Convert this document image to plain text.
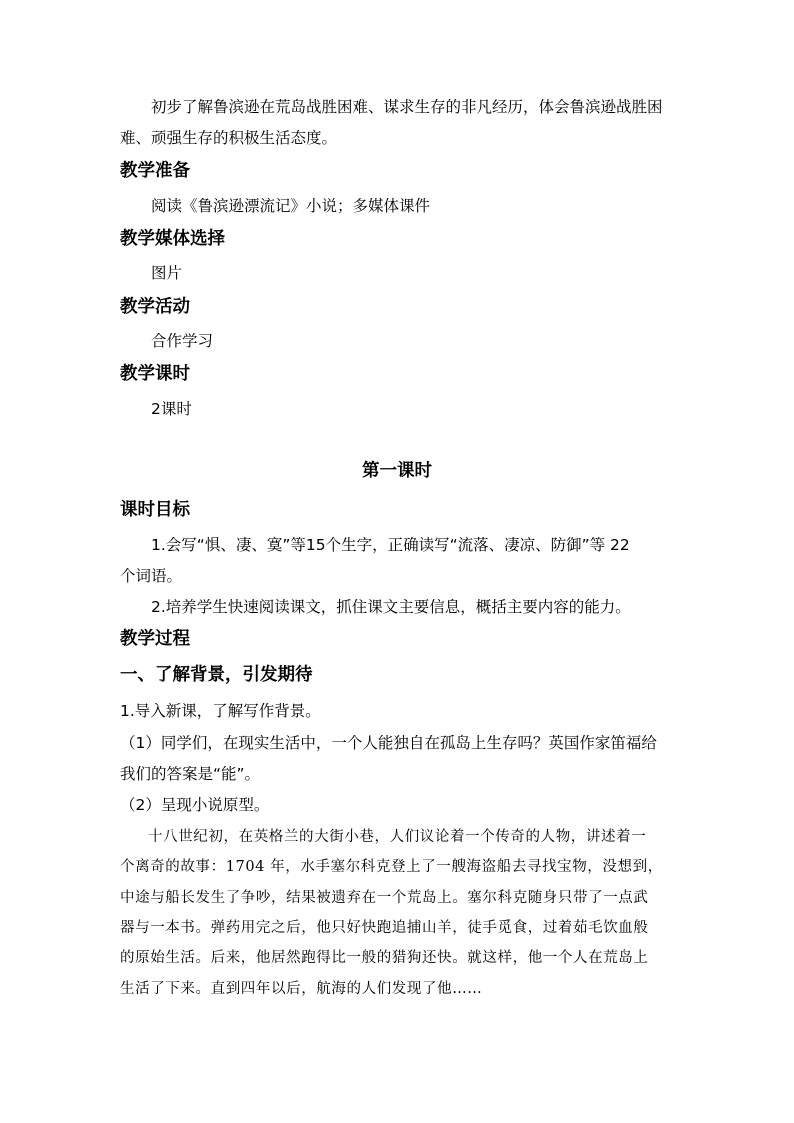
初步了解鲁滨逊在荒岛战胜困难、谋求生存的非凡经历，体会鲁滨逊战胜困
难、顽强生存的积极生活态度。
教学准备
阅读《鲁滨逊漂流记》小说；多媒体课件
教学媒体选择
图片
教学活动
合作学习
教学课时
2课时
第一课时
课时目标
1.会写“惧、凄、寞”等15个生字，正确读写“流落、凄凉、防御”等 22
个词语。
2.培养学生快速阅读课文，抓住课文主要信息，概括主要内容的能力。
教学过程
一、了解背景，引发期待
1.导入新课，了解写作背景。
（1）同学们，在现实生活中，一个人能独自在孤岛上生存吗？英国作家笛福给
我们的答案是“能”。
（2）呈现小说原型。
十八世纪初，在英格兰的大街小巷，人们议论着一个传奇的人物，讲述着一
个离奇的故事：1704 年，水手塞尔科克登上了一艘海盗船去寻找宝物，没想到，
中途与船长发生了争吵，结果被遗弃在一个荒岛上。塞尔科克随身只带了一点武
器与一本书。弹药用完之后，他只好快跑追捕山羊，徒手觅食，过着茹毛饮血般
的原始生活。后来，他居然跑得比一般的猎狗还快。就这样，他一个人在荒岛上
生活了下来。直到四年以后，航海的人们发现了他……
